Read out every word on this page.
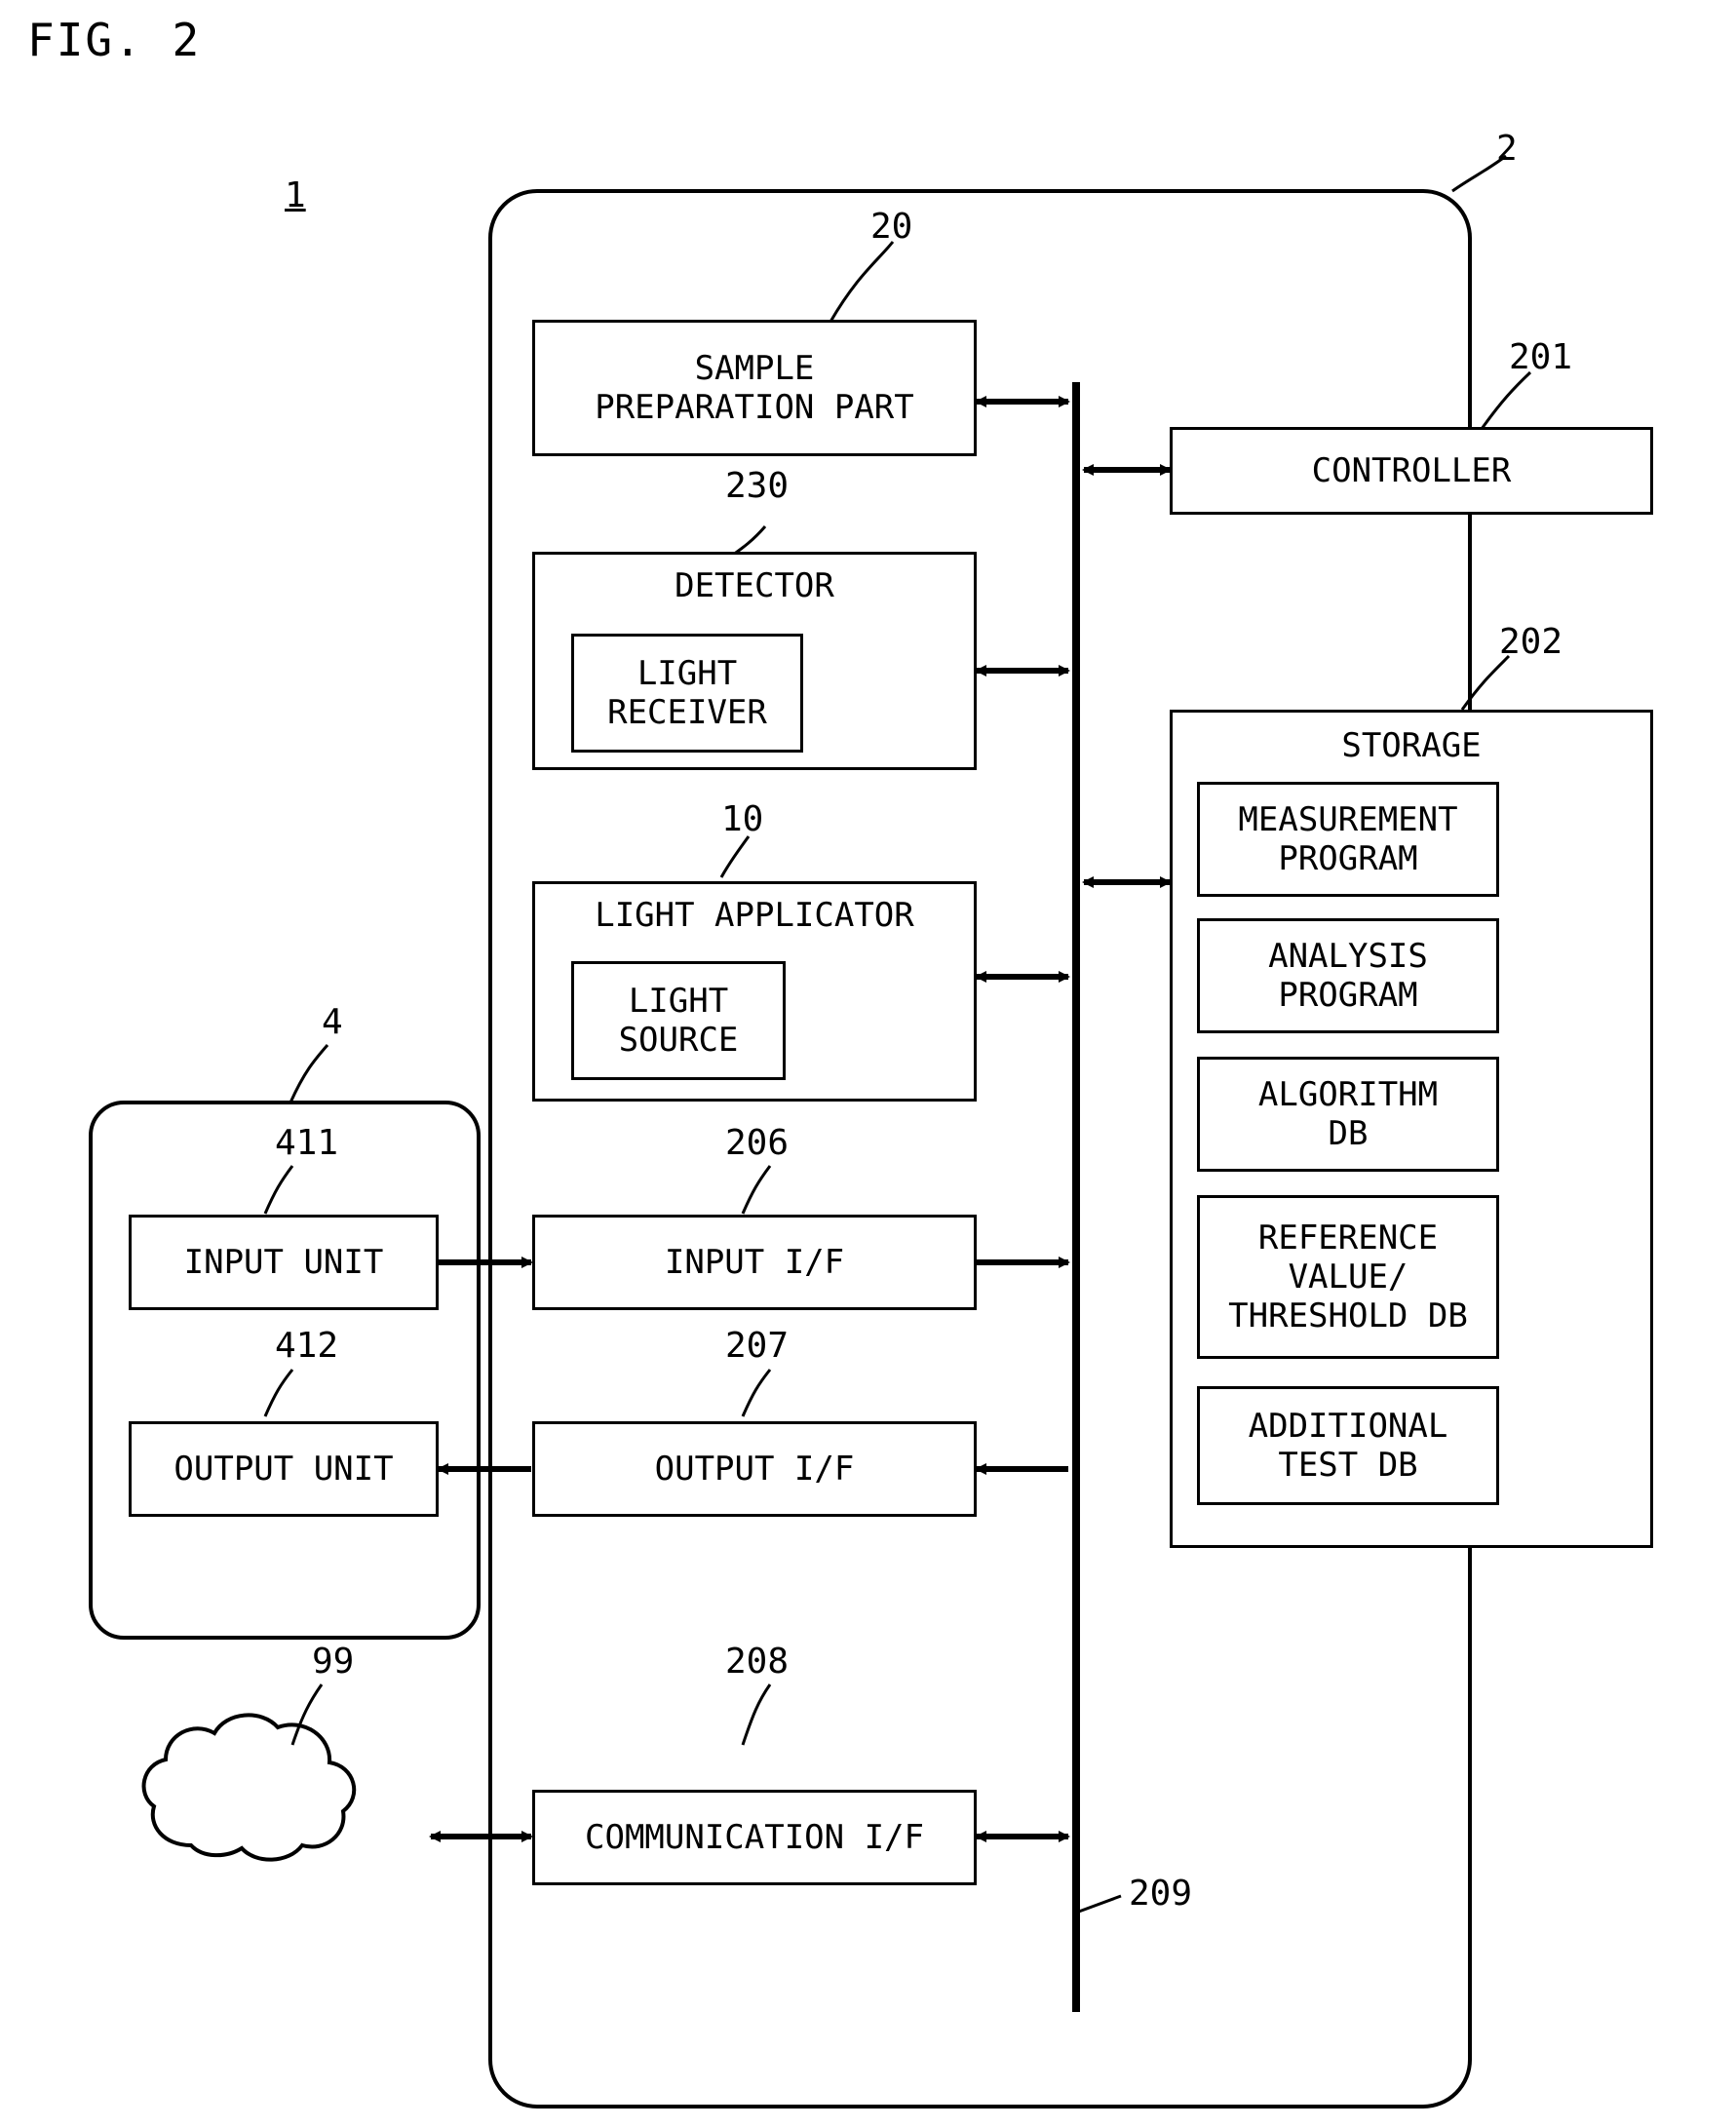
FIG. 2
1
2
20
201
230
202
10
4
411	206
412	207
99	208
209
SAMPLE
PREPARATION PART
DETECTOR
LIGHT
RECEIVER
LIGHT APPLICATOR
LIGHT
SOURCE
INPUT I/F
OUTPUT I/F
COMMUNICATION I/F
INPUT UNIT
OUTPUT UNIT
CONTROLLER
STORAGE
MEASUREMENT
PROGRAM
ANALYSIS
PROGRAM
ALGORITHM
DB
REFERENCE
VALUE/
THRESHOLD DB
ADDITIONAL
TEST DB
